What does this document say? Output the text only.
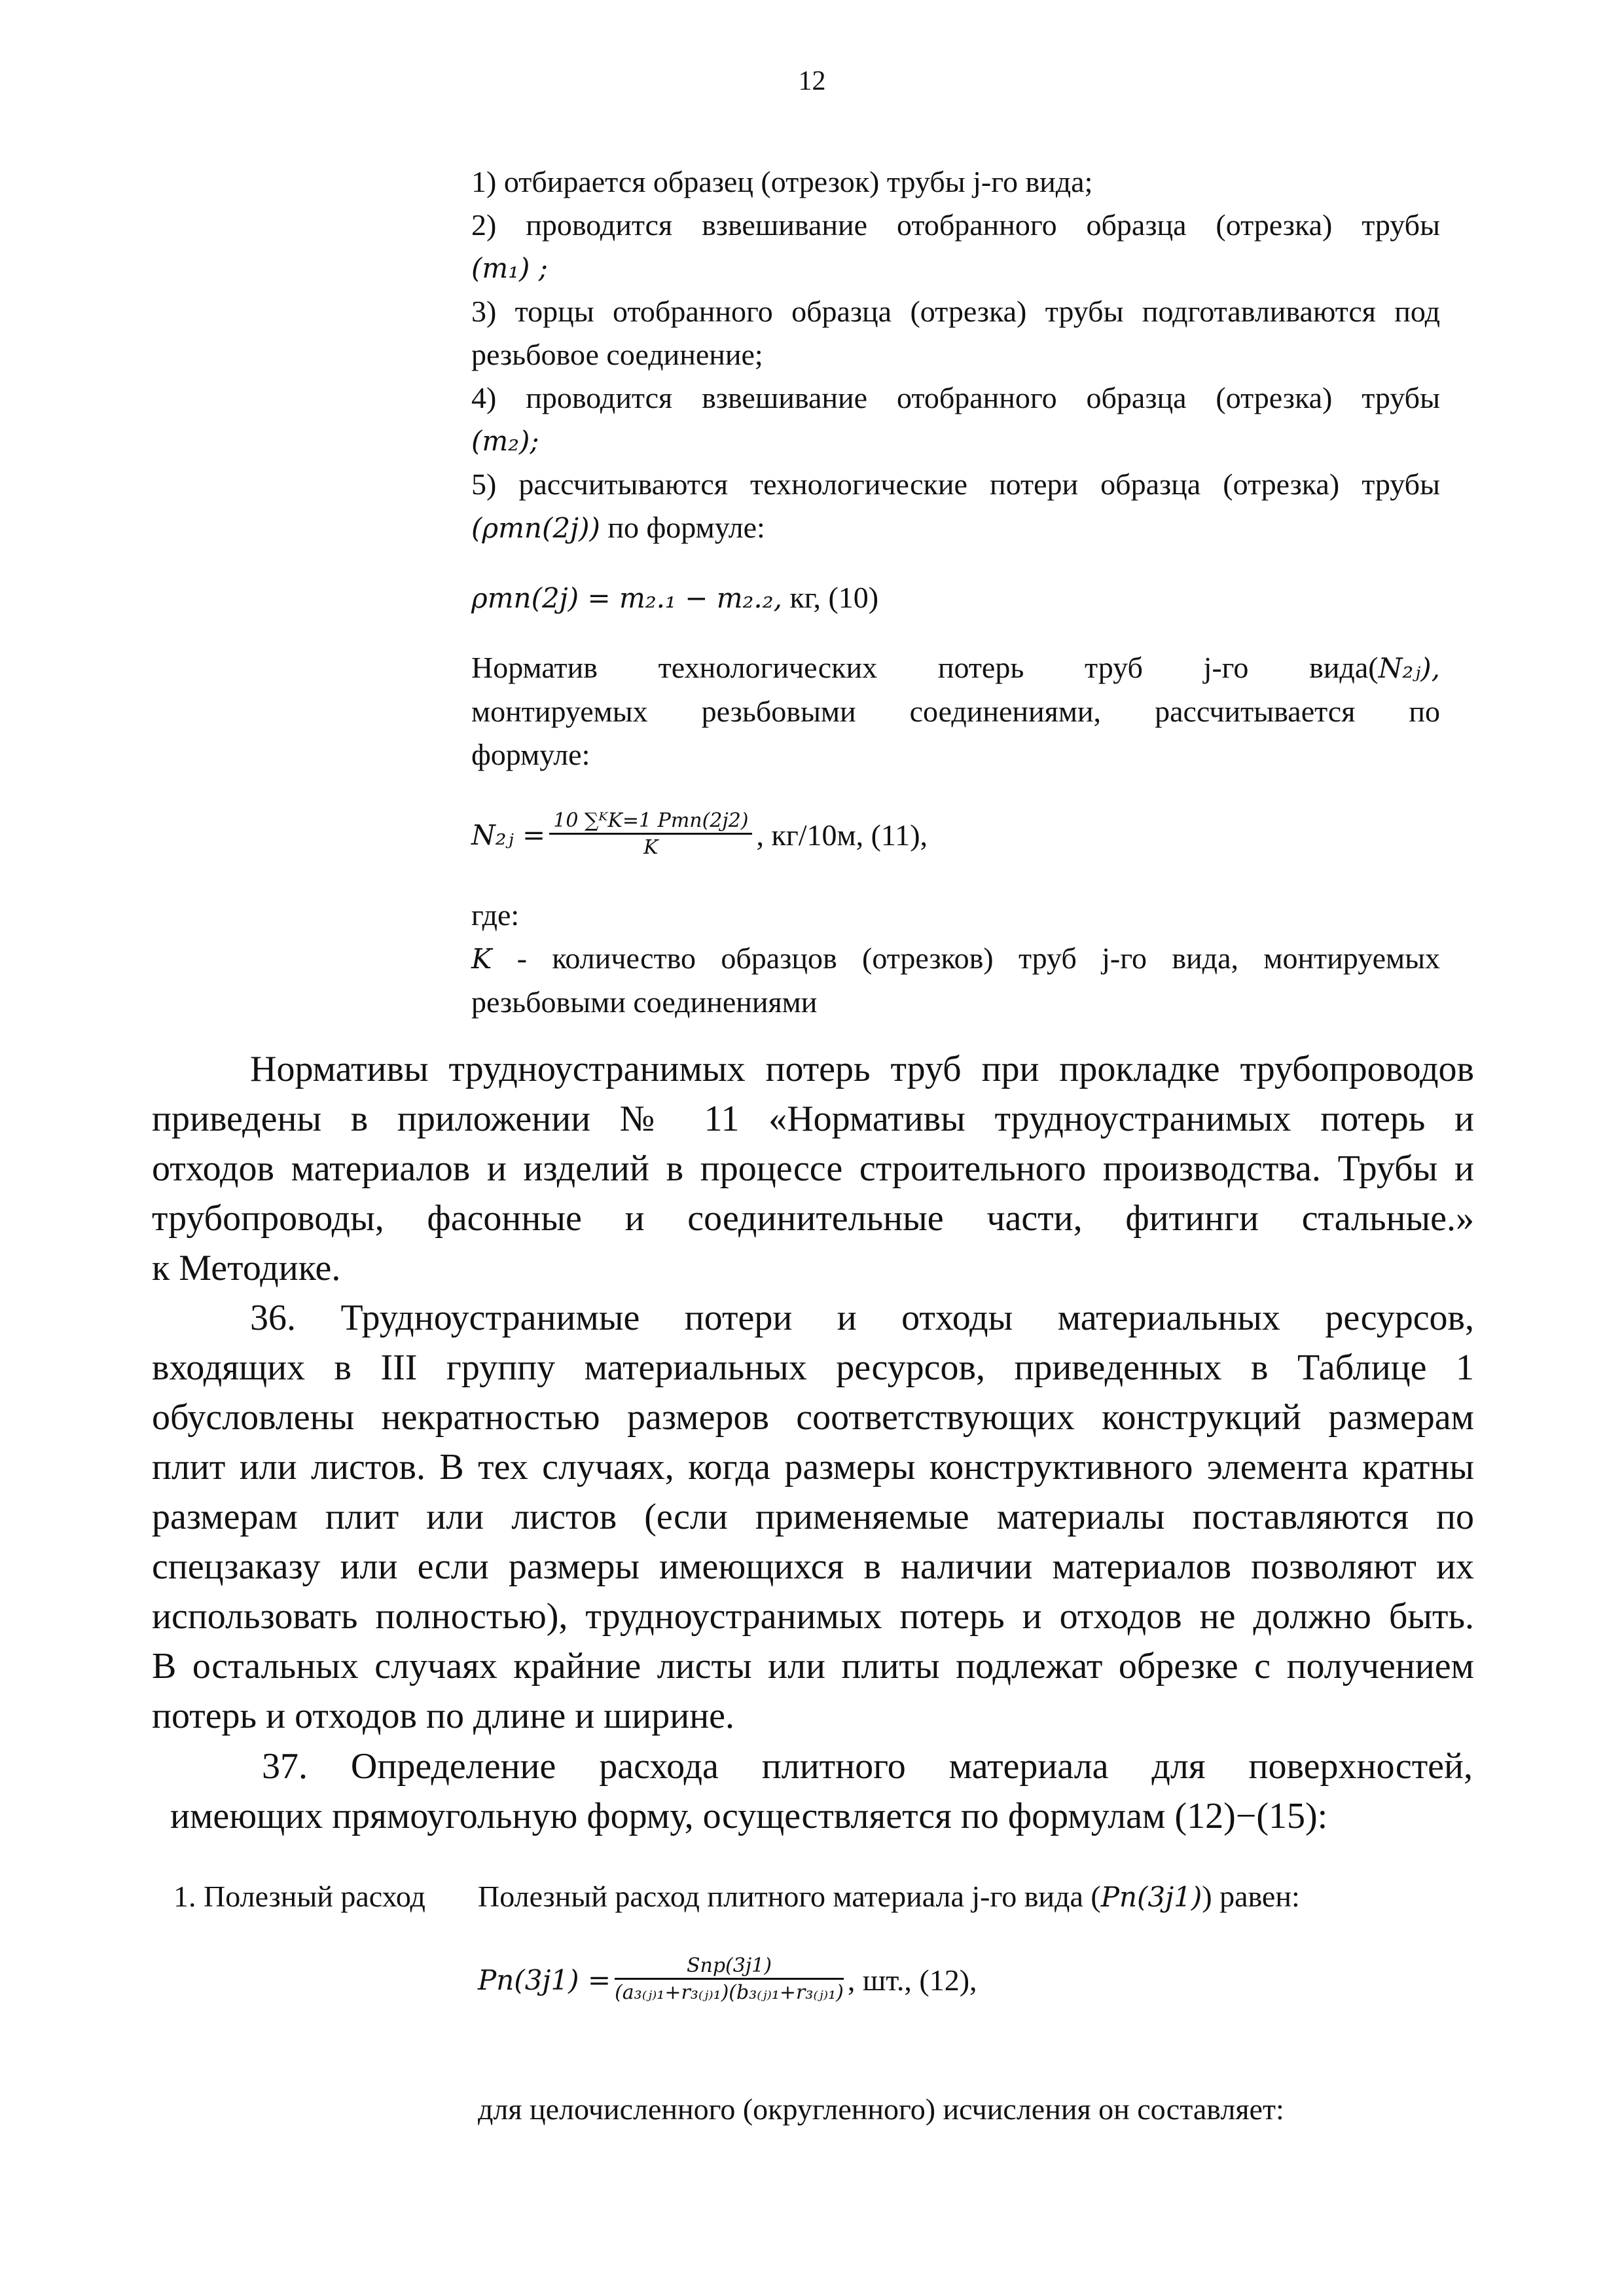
12

1) отбирается образец (отрезок) трубы j-го вида;

2) проводится взвешивание отобранного образца (отрезка) трубы

(m₁) ;

3) торцы отобранного образца (отрезка) трубы подготавливаются под

резьбовое соединение;

4) проводится взвешивание отобранного образца (отрезка) трубы

(m₂);

5) рассчитываются технологические потери образца (отрезка) трубы

(ρтп(2j)) по формуле:

ρтп(2j) = m₂.₁ − m₂.₂, кг, (10)

Норматив технологических потерь труб j-го вида(N₂ⱼ),

монтируемых резьбовыми соединениями, рассчитывается по

формуле:

N₂ⱼ = $\frac{\text{10 ∑ᴷK=1 Pтп(2j2)}}{K}$ , кг/10м, (11),

где:

K - количество образцов (отрезков) труб j-го вида, монтируемых

резьбовыми соединениями

Нормативы трудноустранимых потерь труб при прокладке трубопроводов

приведены в приложении № 11 «Нормативы трудноустранимых потерь и

отходов материалов и изделий в процессе строительного производства. Трубы и

трубопроводы, фасонные и соединительные части, фитинги стальные.»

к Методике.

36. Трудноустранимые потери и отходы материальных ресурсов,

входящих в III группу материальных ресурсов, приведенных в Таблице 1

обусловлены некратностью размеров соответствующих конструкций размерам

плит или листов. В тех случаях, когда размеры конструктивного элемента кратны

размерам плит или листов (если применяемые материалы поставляются по

спецзаказу или если размеры имеющихся в наличии материалов позволяют их

использовать полностью), трудноустранимых потерь и отходов не должно быть.

В остальных случаях крайние листы или плиты подлежат обрезке с получением

потерь и отходов по длине и ширине.

37. Определение расхода плитного материала для поверхностей,

имеющих прямоугольную форму, осуществляется по формулам (12)−(15):

1. Полезный расход Полезный расход плитного материала j-го вида (Pп(3j1)) равен:
$Pп(3j1) = \frac{\text{Sпр(3j1)}}{\text{(a₃₍ⱼ₎₁+r₃₍ⱼ₎₁)(b₃₍ⱼ₎₁+r₃₍ⱼ₎₁)}}$ , шт., (12),
для целочисленного (округленного) исчисления он составляет:
